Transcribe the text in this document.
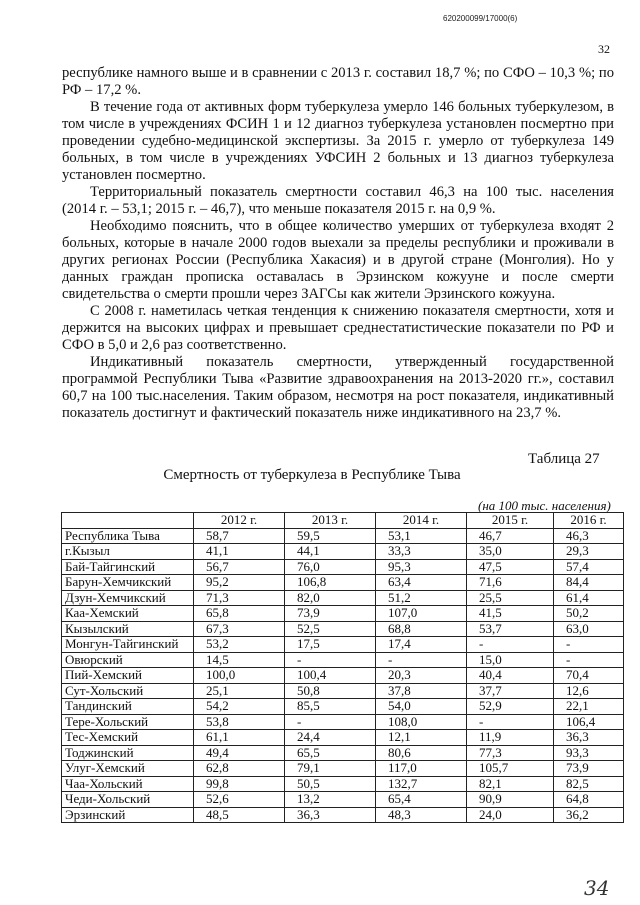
620200099/17000(6)
32

республике намного выше и в сравнении с 2013 г. составил 18,7 %; по СФО – 10,3 %; по РФ – 17,2 %.

В течение года от активных форм туберкулеза умерло 146 больных туберкулезом, в том числе в учреждениях ФСИН 1 и 12 диагноз туберкулеза установлен посмертно при проведении судебно-медицинской экспертизы. За 2015 г. умерло от туберкулеза 149 больных, в том числе в учреждениях УФСИН 2 больных и 13 диагноз туберкулеза установлен посмертно.

Территориальный показатель смертности составил 46,3 на 100 тыс. населения (2014 г. – 53,1; 2015 г. – 46,7), что меньше показателя 2015 г. на 0,9 %.

Необходимо пояснить, что в общее количество умерших от туберкулеза входят 2 больных, которые в начале 2000 годов выехали за пределы республики и проживали в других регионах России (Республика Хакасия) и в другой стране (Монголия). Но у данных граждан прописка оставалась в Эрзинском кожууне и после смерти свидетельства о смерти прошли через ЗАГСы как жители Эрзинского кожууна.

С 2008 г. наметилась четкая тенденция к снижению показателя смертности, хотя и держится на высоких цифрах и превышает среднестатистические показатели по РФ и СФО в 5,0 и 2,6 раз соответственно.

Индикативный показатель смертности, утвержденный государственной программой Республики Тыва «Развитие здравоохранения на 2013-2020 гг.», составил 60,7 на 100 тыс.населения. Таким образом, несмотря на рост показателя, индикативный показатель достигнут и фактический показатель ниже индикативного на 23,7 %.

Таблица 27
Смертность от туберкулеза в Республике Тыва
(на 100 тыс. населения)
	2012 г.	2013 г.	2014 г.	2015 г.	2016 г.
Республика Тыва	58,7	59,5	53,1	46,7	46,3
г.Кызыл	41,1	44,1	33,3	35,0	29,3
Бай-Тайгинский	56,7	76,0	95,3	47,5	57,4
Барун-Хемчикский	95,2	106,8	63,4	71,6	84,4
Дзун-Хемчикский	71,3	82,0	51,2	25,5	61,4
Каа-Хемский	65,8	73,9	107,0	41,5	50,2
Кызылский	67,3	52,5	68,8	53,7	63,0
Монгун-Тайгинский	53,2	17,5	17,4	-	-
Овюрский	14,5	-	-	15,0	-
Пий-Хемский	100,0	100,4	20,3	40,4	70,4
Сут-Хольский	25,1	50,8	37,8	37,7	12,6
Тандинский	54,2	85,5	54,0	52,9	22,1
Тере-Хольский	53,8	-	108,0	-	106,4
Тес-Хемский	61,1	24,4	12,1	11,9	36,3
Тоджинский	49,4	65,5	80,6	77,3	93,3
Улуг-Хемский	62,8	79,1	117,0	105,7	73,9
Чаа-Хольский	99,8	50,5	132,7	82,1	82,5
Чеди-Хольский	52,6	13,2	65,4	90,9	64,8
Эрзинский	48,5	36,3	48,3	24,0	36,2
34
